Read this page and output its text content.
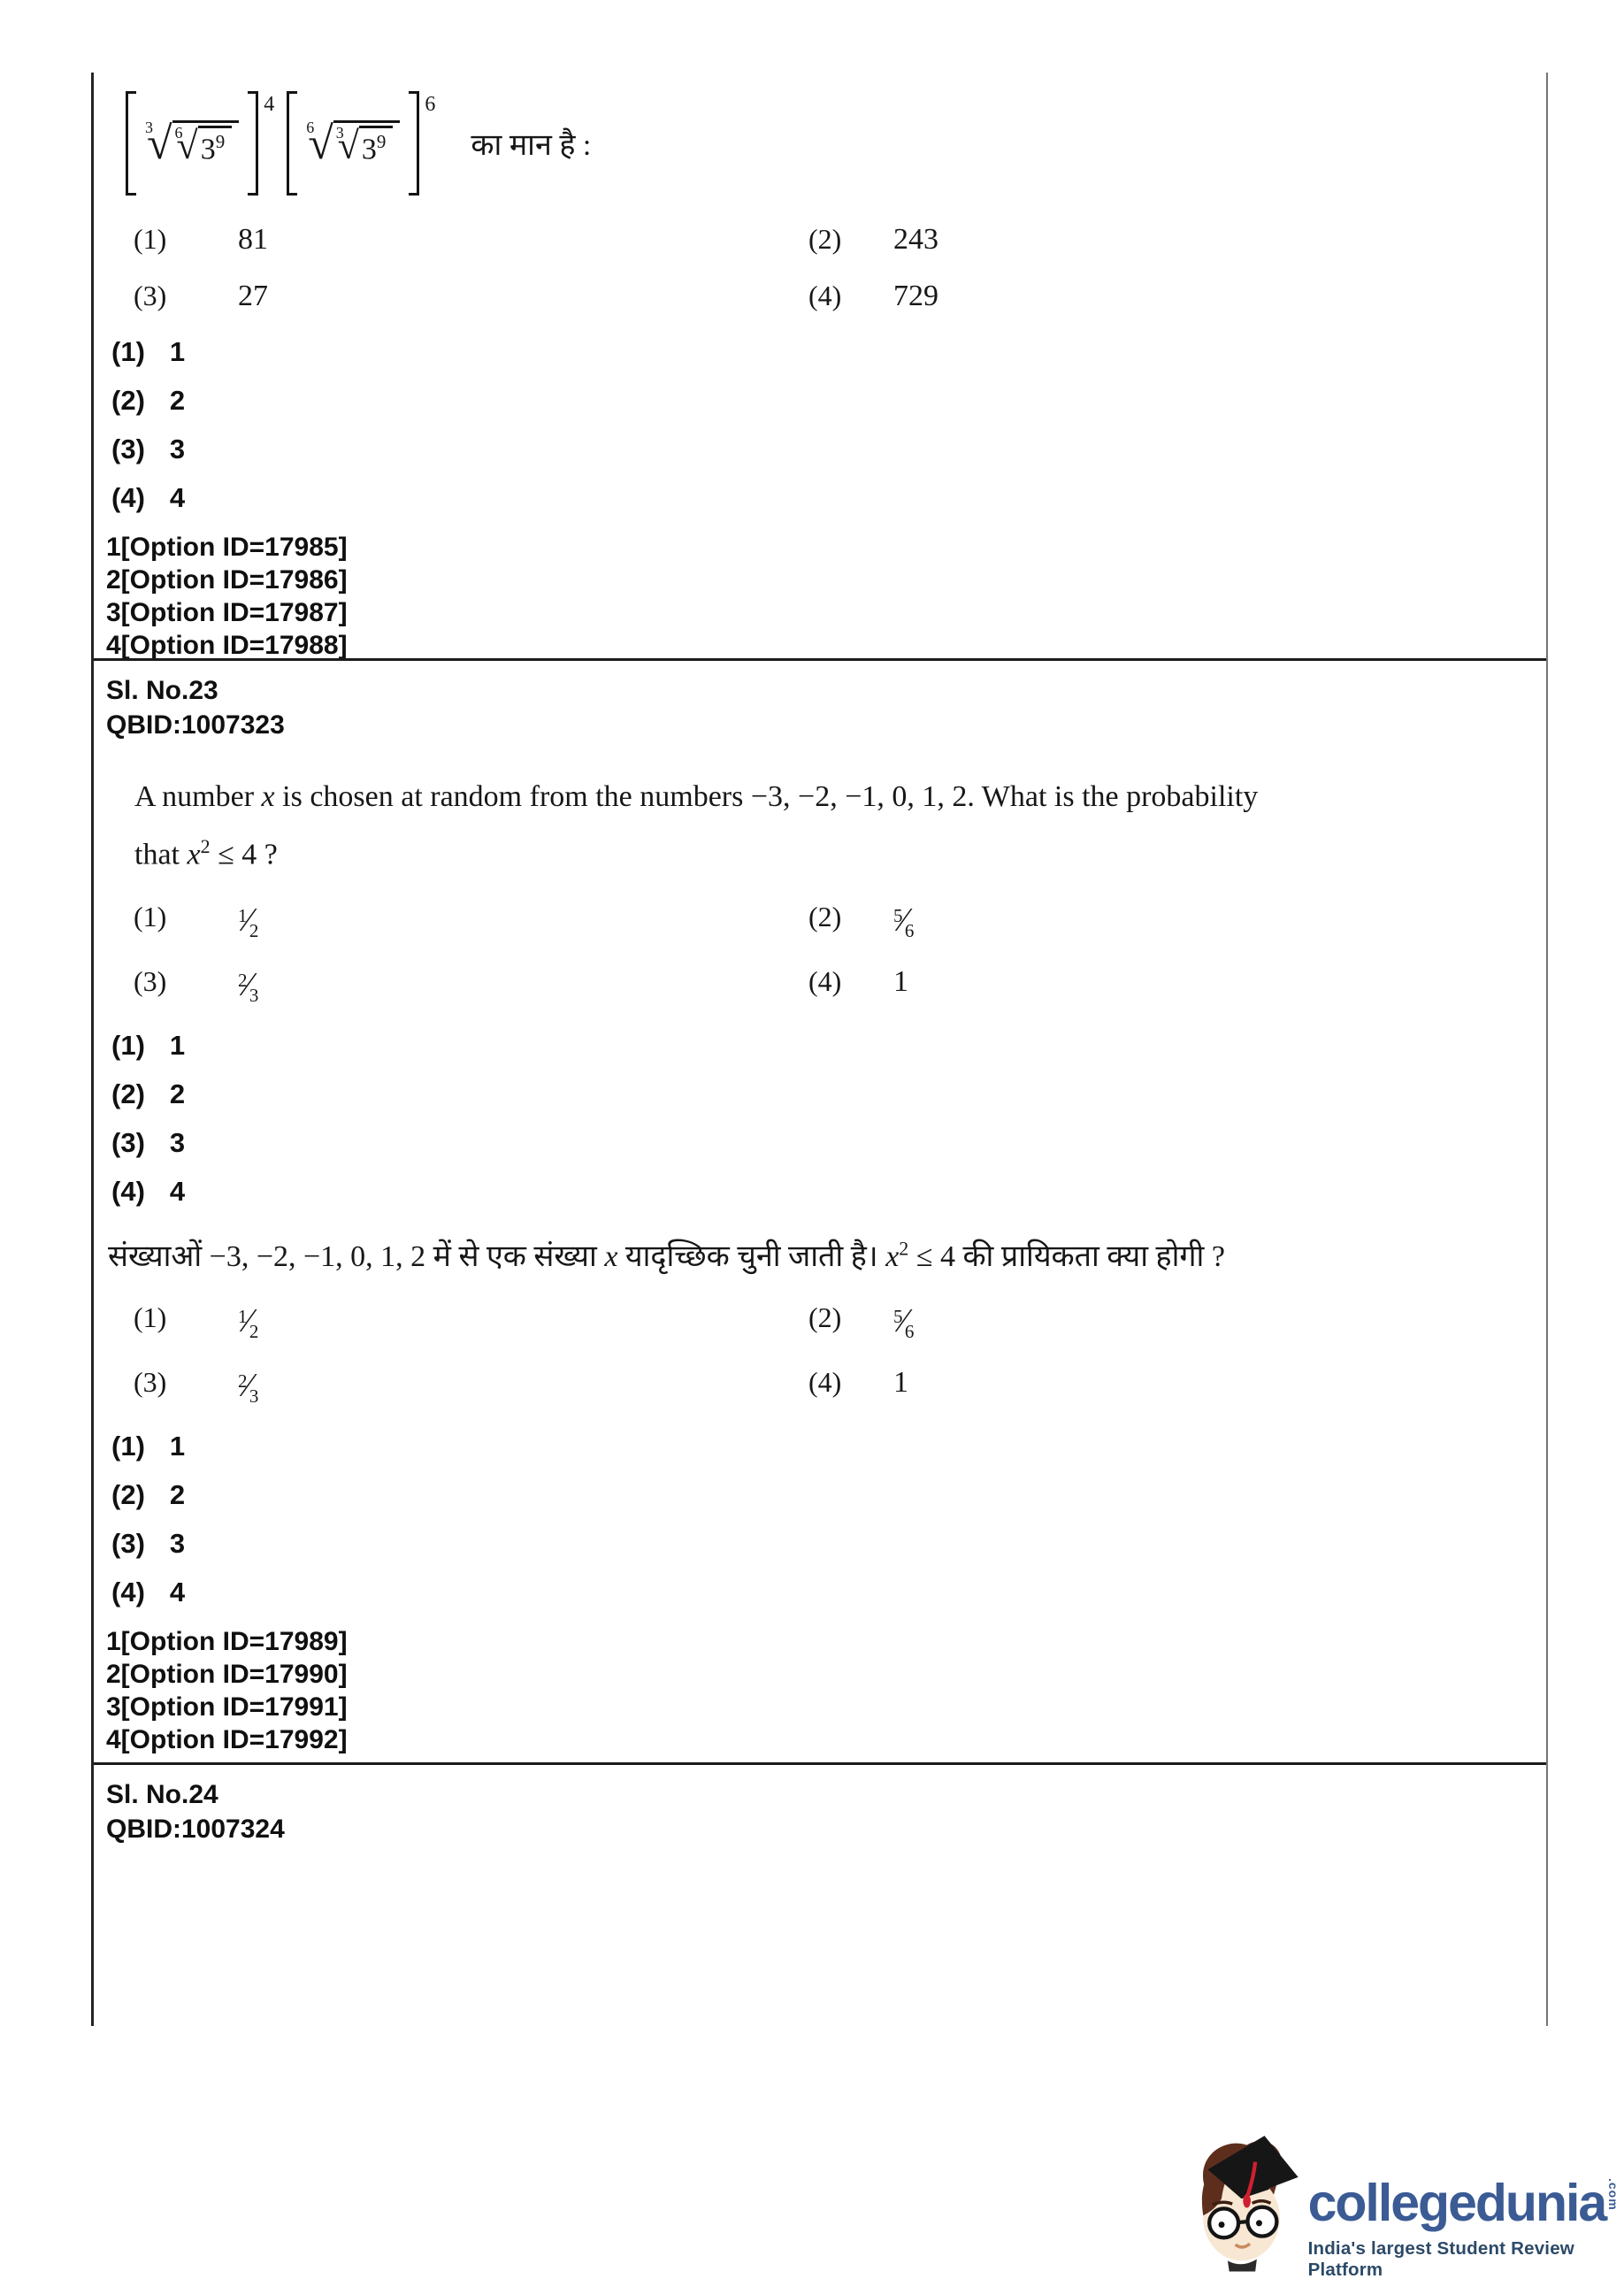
$^3$ √ $^6$
√
$3^9$
$^4$
$^6$ √ $^3$
√
$3^9$
$^6$
का मान है :
(1)	81	(2)	243
(3)	27	(4)	729
(1) 1
(2) 2
(3) 3
(4) 4
1[Option ID=17985]
2[Option ID=17986]
3[Option ID=17987]
4[Option ID=17988]
Sl. No.23
QBID:1007323
A number x is chosen at random from the numbers −3, −2, −1, 0, 1, 2. What is the probability
that $x^2 \le 4$ ?
(1)	$^1$⁄ $_2$	(2)	$^5$⁄ $_6$
(3)	$^2$⁄ $_3$	(4)	1
(1) 1
(2) 2
(3) 3
(4) 4
संख्याओं −3, −2, −1, 0, 1, 2 में से एक संख्या x यादृच्छिक चुनी जाती है। $x^2 \le 4$ की प्रायिकता क्या होगी ?
(1)	$^1$⁄ $_2$	(2)	$^5$⁄ $_6$
(3)	$^2$⁄ $_3$	(4)	1
(1) 1
(2) 2
(3) 3
(4) 4
1[Option ID=17989]
2[Option ID=17990]
3[Option ID=17991]
4[Option ID=17992]
Sl. No.24
QBID:1007324
collegedunia .com
India's largest Student Review Platform
